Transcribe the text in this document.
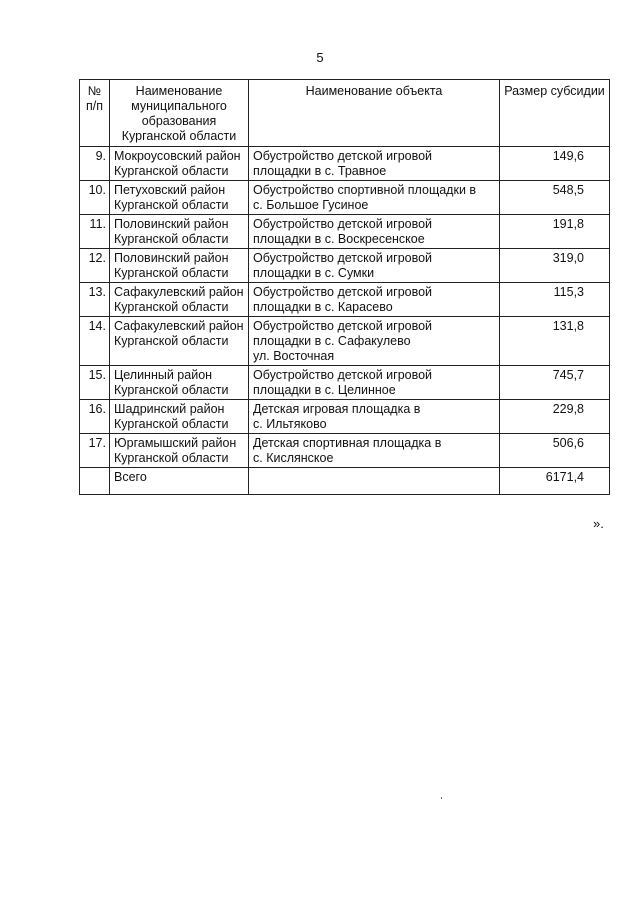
5
№
п/п	Наименование
муниципального
образования
Курганской области	Наименование объекта	Размер субсидии
9.	Мокроусовский район
Курганской области	Обустройство детской игровой
площадки в с. Травное	149,6
10.	Петуховский район
Курганской области	Обустройство спортивной площадки в
с. Большое Гусиное	548,5
11.	Половинский район
Курганской области	Обустройство детской игровой
площадки в с. Воскресенское	191,8
12.	Половинский район
Курганской области	Обустройство детской игровой
площадки в с. Сумки	319,0
13.	Сафакулевский район
Курганской области	Обустройство детской игровой
площадки в с. Карасево	115,3
14.	Сафакулевский район
Курганской области	Обустройство детской игровой
площадки в с. Сафакулево
ул. Восточная	131,8
15.	Целинный район
Курганской области	Обустройство детской игровой
площадки в с. Целинное	745,7
16.	Шадринский район
Курганской области	Детская игровая площадка в
с. Ильтяково	229,8
17.	Юргамышский район
Курганской области	Детская спортивная площадка в
с. Кислянское	506,6
	Всего		6171,4
».
